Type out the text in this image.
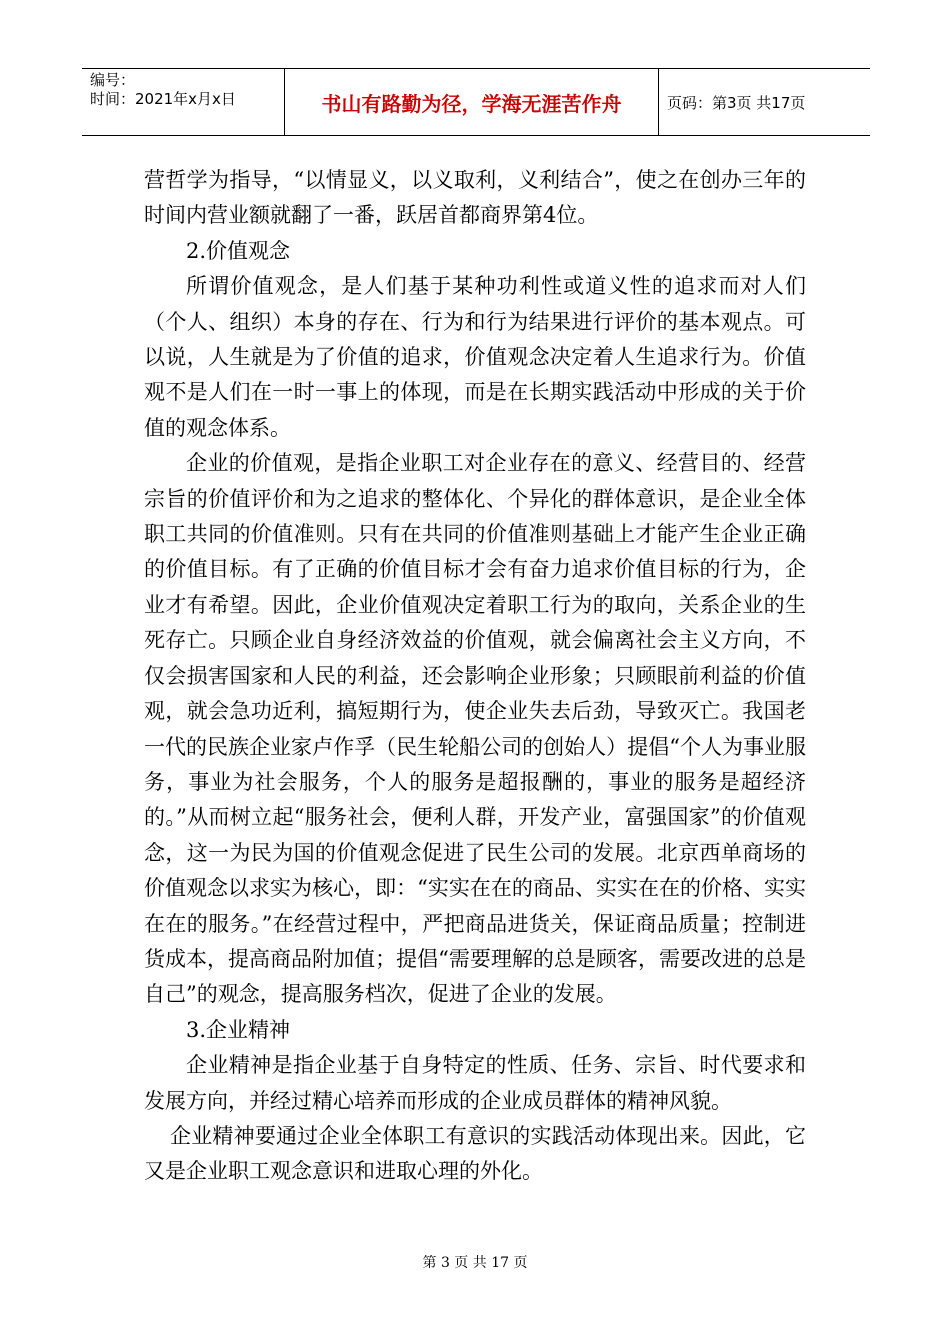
编号：
时间：2021年x月x日	书山有路勤为径，学海无涯苦作舟	页码：第3页 共17页

营哲学为指导，“以情显义，以义取利，义利结合”，使之在创办三年的时间内营业额就翻了一番，跃居首都商界第4位。

2.价值观念

所谓价值观念，是人们基于某种功利性或道义性的追求而对人们（个人、组织）本身的存在、行为和行为结果进行评价的基本观点。可以说，人生就是为了价值的追求，价值观念决定着人生追求行为。价值观不是人们在一时一事上的体现，而是在长期实践活动中形成的关于价值的观念体系。

企业的价值观，是指企业职工对企业存在的意义、经营目的、经营宗旨的价值评价和为之追求的整体化、个异化的群体意识，是企业全体职工共同的价值准则。只有在共同的价值准则基础上才能产生企业正确的价值目标。有了正确的价值目标才会有奋力追求价值目标的行为，企业才有希望。因此，企业价值观决定着职工行为的取向，关系企业的生死存亡。只顾企业自身经济效益的价值观，就会偏离社会主义方向，不仅会损害国家和人民的利益，还会影响企业形象；只顾眼前利益的价值观，就会急功近利，搞短期行为，使企业失去后劲，导致灭亡。我国老一代的民族企业家卢作孚（民生轮船公司的创始人）提倡“个人为事业服务，事业为社会服务，个人的服务是超报酬的，事业的服务是超经济的。”从而树立起“服务社会，便利人群，开发产业，富强国家”的价值观念，这一为民为国的价值观念促进了民生公司的发展。北京西单商场的价值观念以求实为核心，即：“实实在在的商品、实实在在的价格、实实在在的服务。”在经营过程中，严把商品进货关，保证商品质量；控制进货成本，提高商品附加值；提倡“需要理解的总是顾客，需要改进的总是自己”的观念，提高服务档次，促进了企业的发展。

3.企业精神

企业精神是指企业基于自身特定的性质、任务、宗旨、时代要求和发展方向，并经过精心培养而形成的企业成员群体的精神风貌。

企业精神要通过企业全体职工有意识的实践活动体现出来。因此，它又是企业职工观念意识和进取心理的外化。

第 3 页 共 17 页
